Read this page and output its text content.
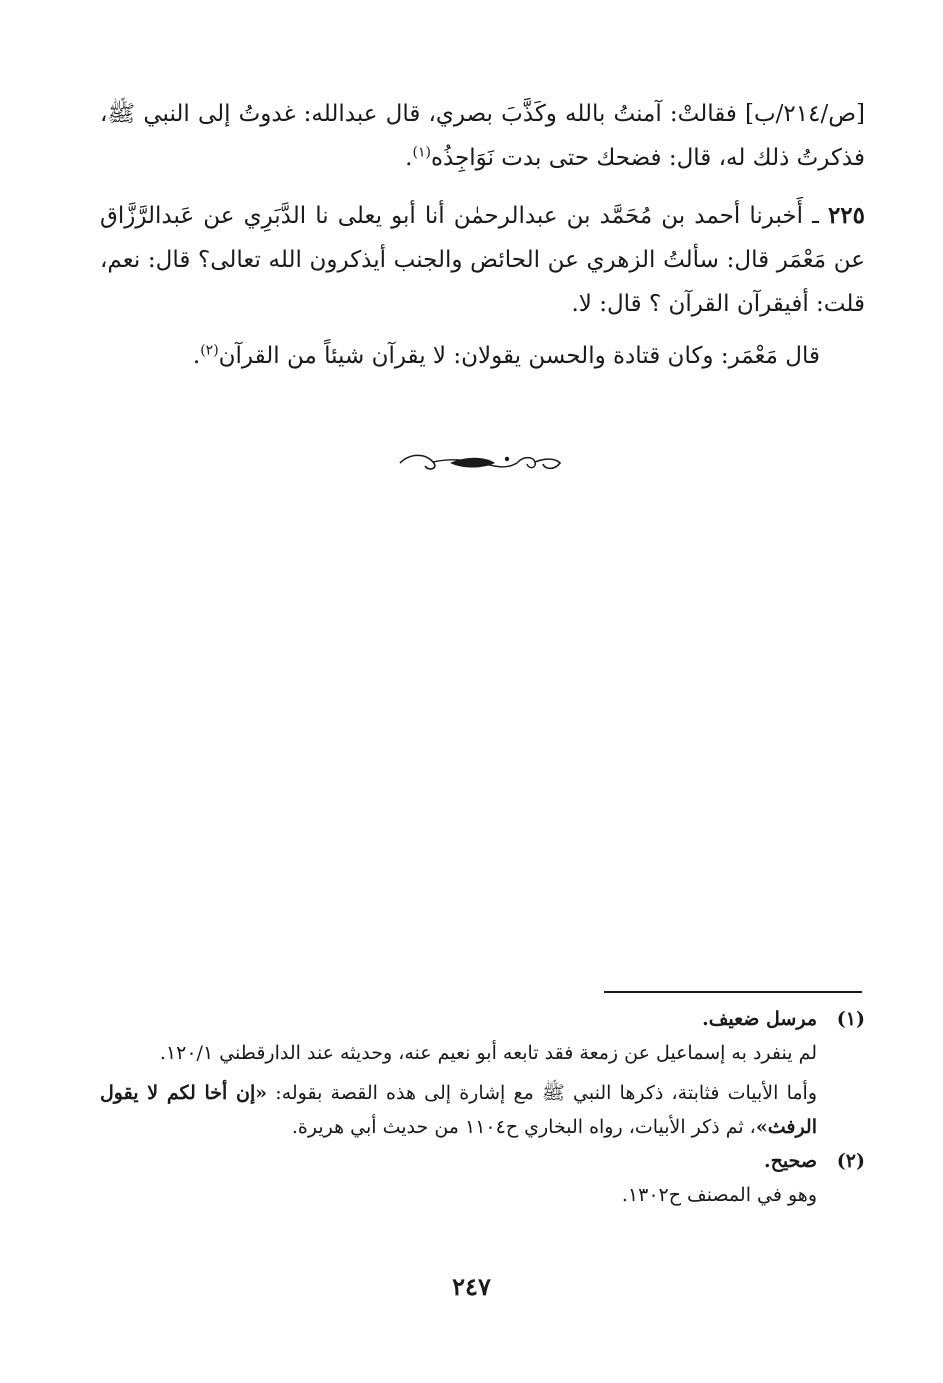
[ص/٢١٤/ب] فقالتْ: آمنتُ بالله وكَذَّبَ بصري، قال عبدالله: غدوتُ إلى النبي ﷺ، فذكرتُ ذلك له، قال: فضحك حتى بدت نَوَاجِذُه$^{(١)}$.

٢٢٥ ـ أَخبرنا أحمد بن مُحَمَّد بن عبدالرحمٰن أنا أبو يعلى نا الدَّبَرِي عن عَبدالرَّزَّاق عن مَعْمَر قال: سألتُ الزهري عن الحائض والجنب أيذكرون الله تعالى؟ قال: نعم، قلت: أفيقرآن القرآن ؟ قال: لا.

قال مَعْمَر: وكان قتادة والحسن يقولان: لا يقرآن شيئاً من القرآن$^{(٢)}$.

(١)مرسل ضعيف.

لم ينفرد به إسماعيل عن زمعة فقد تابعه أبو نعيم عنه، وحديثه عند الدارقطني ١٢٠/١.

وأما الأبيات فثابتة، ذكرها النبي ﷺ مع إشارة إلى هذه القصة بقوله: «إن أخا لكم لا يقول الرفث»، ثم ذكر الأبيات، رواه البخاري ح١١٠٤ من حديث أبي هريرة.

(٢)صحيح.

وهو في المصنف ح١٣٠٢.

٢٤٧
